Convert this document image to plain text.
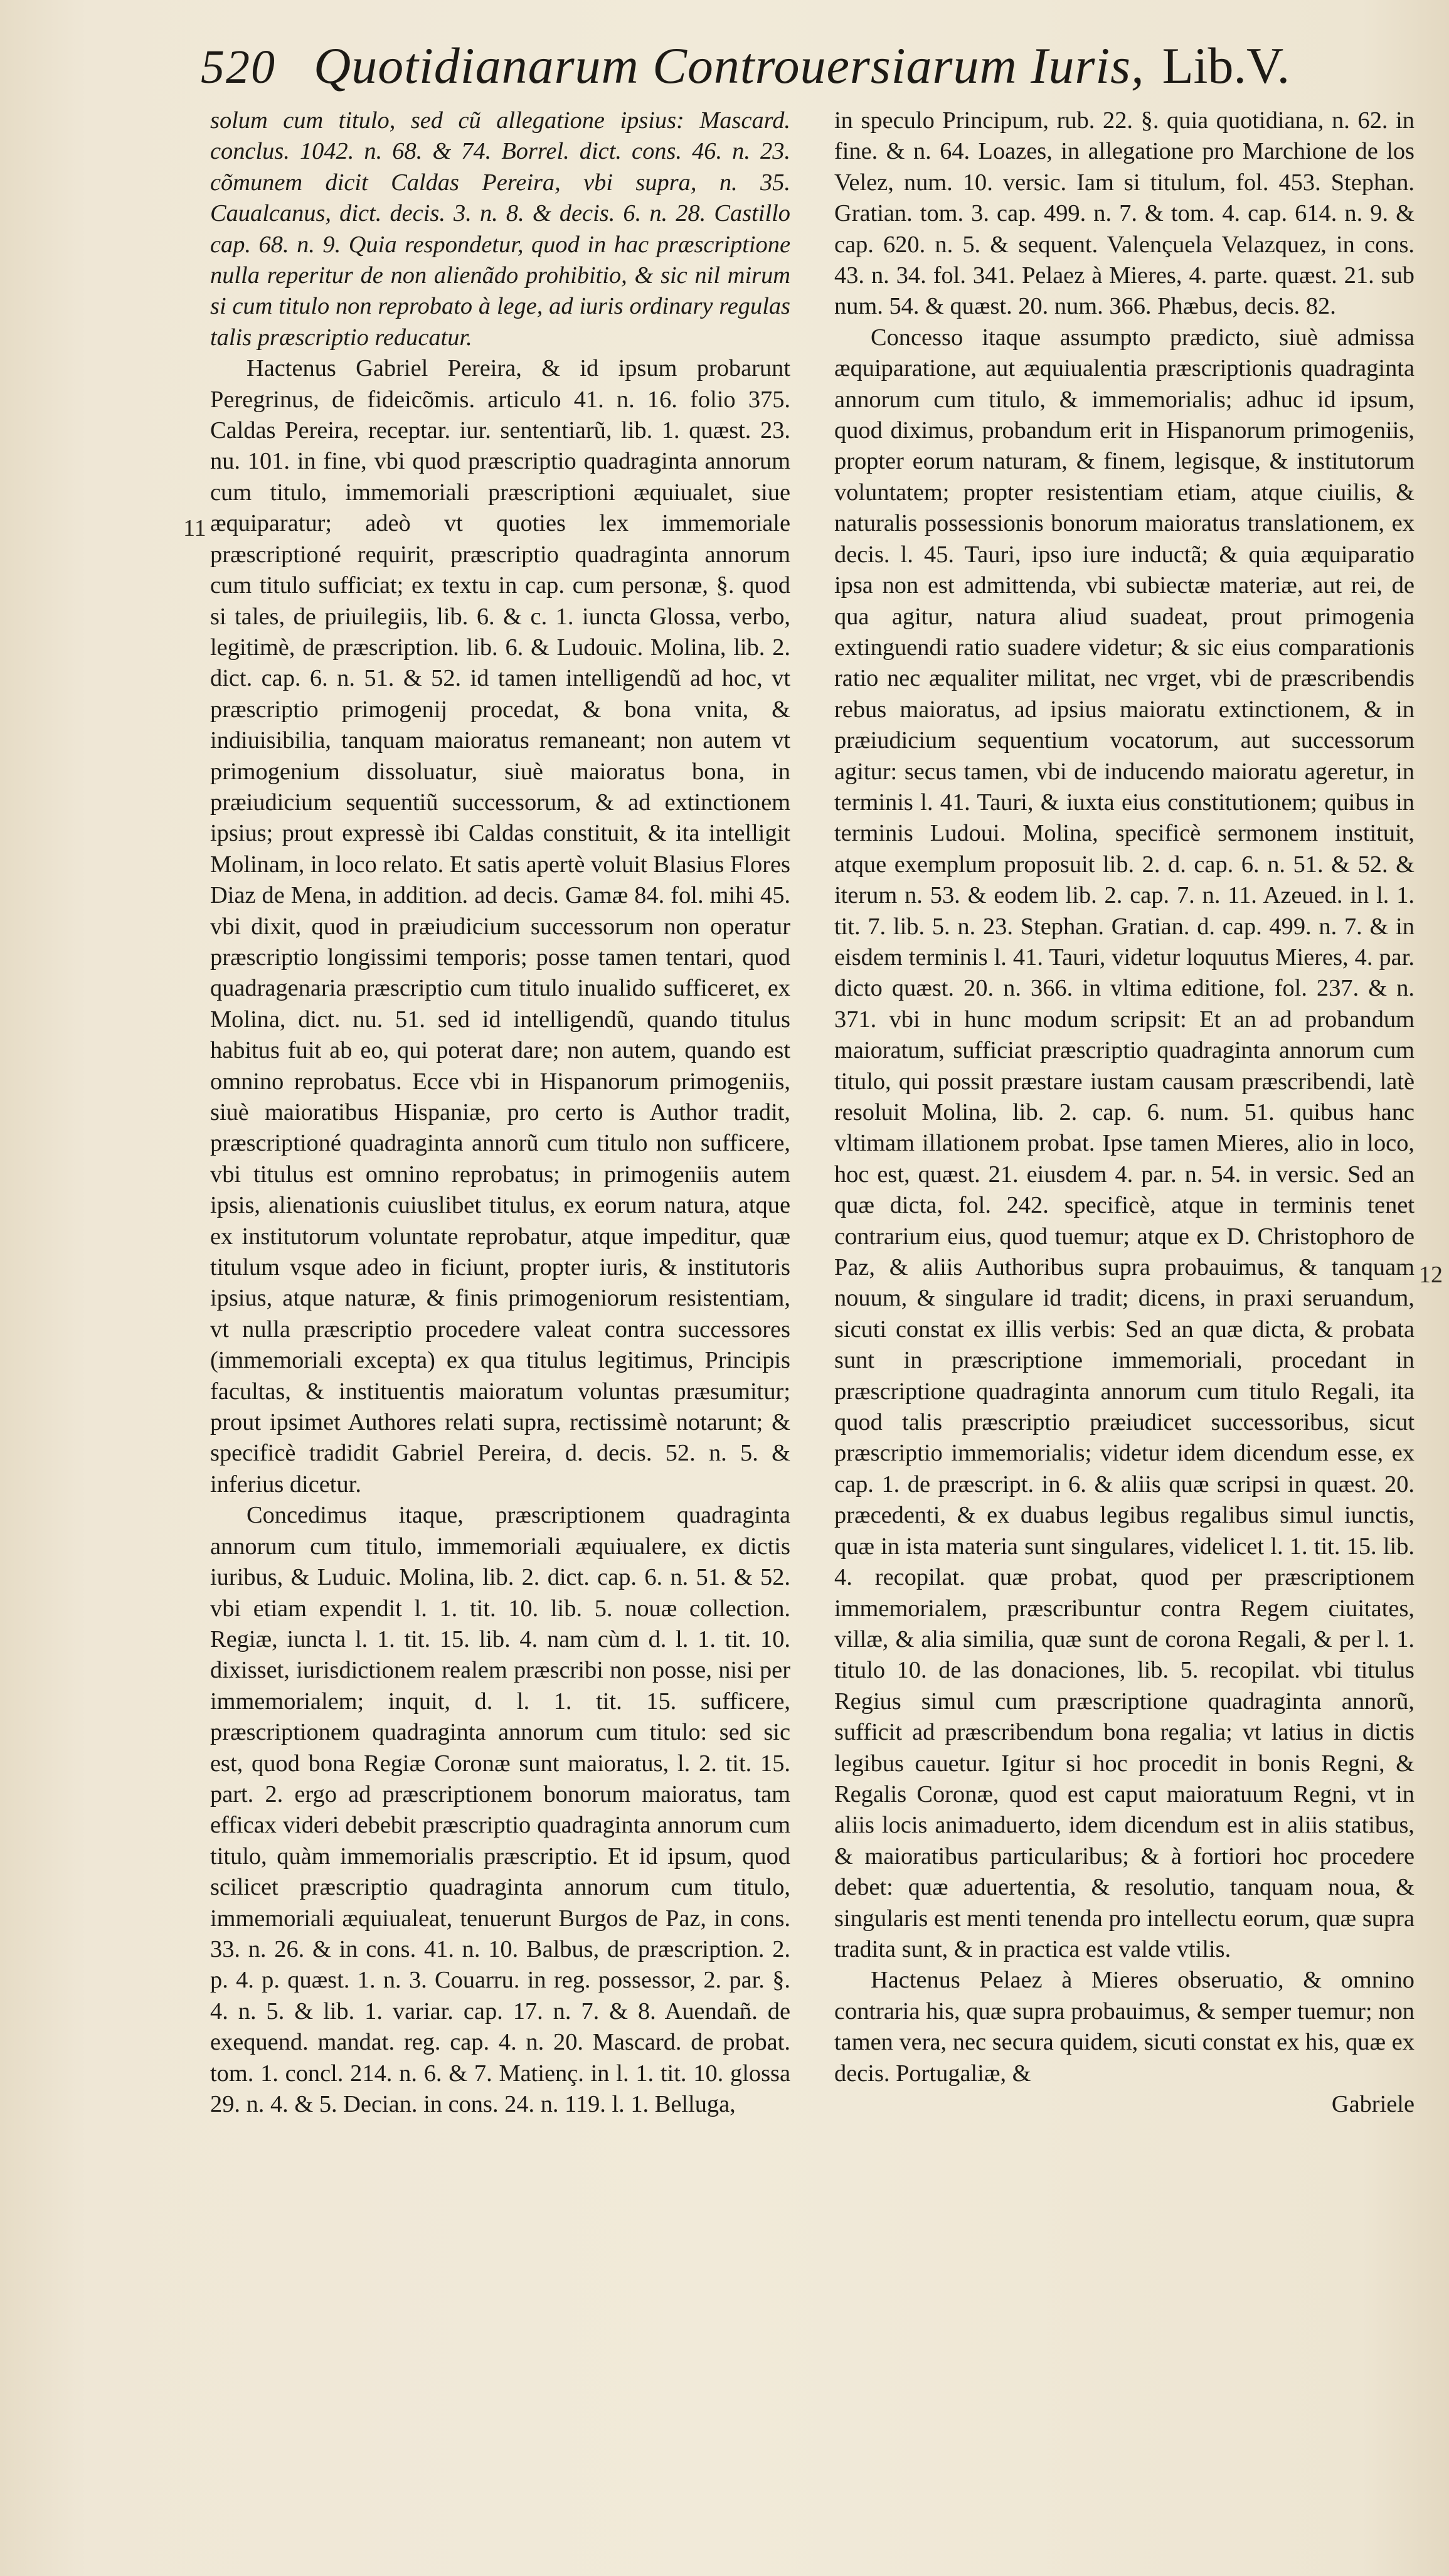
520 Quotidianarum Controuersiarum Iuris, Lib.V.
11
12

solum cum titulo, sed cũ allegatione ipsius: Mascard. conclus. 1042. n. 68. & 74. Borrel. dict. cons. 46. n. 23. cõmunem dicit Caldas Pereira, vbi supra, n. 35. Caualcanus, dict. decis. 3. n. 8. & decis. 6. n. 28. Castillo cap. 68. n. 9. Quia respondetur, quod in hac præscriptione nulla reperitur de non alienãdo prohibitio, & sic nil mirum si cum titulo non reprobato à lege, ad iuris ordinary regulas talis præscriptio reducatur.

Hactenus Gabriel Pereira, & id ipsum probarunt Peregrinus, de fideicõmis. articulo 41. n. 16. folio 375. Caldas Pereira, receptar. iur. sententiarũ, lib. 1. quæst. 23. nu. 101. in fine, vbi quod præscriptio quadraginta annorum cum titulo, immemoriali præscriptioni æquiualet, siue æquiparatur; adeò vt quoties lex immemoriale præscriptioné requirit, præscriptio quadraginta annorum cum titulo sufficiat; ex textu in cap. cum personæ, §. quod si tales, de priuilegiis, lib. 6. & c. 1. iuncta Glossa, verbo, legitimè, de præscription. lib. 6. & Ludouic. Molina, lib. 2. dict. cap. 6. n. 51. & 52. id tamen intelligendũ ad hoc, vt præscriptio primogenij procedat, & bona vnita, & indiuisibilia, tanquam maioratus remaneant; non autem vt primogenium dissoluatur, siuè maioratus bona, in præiudicium sequentiũ successorum, & ad extinctionem ipsius; prout expressè ibi Caldas constituit, & ita intelligit Molinam, in loco relato. Et satis apertè voluit Blasius Flores Diaz de Mena, in addition. ad decis. Gamæ 84. fol. mihi 45. vbi dixit, quod in præiudicium successorum non operatur præscriptio longissimi temporis; posse tamen tentari, quod quadragenaria præscriptio cum titulo inualido sufficeret, ex Molina, dict. nu. 51. sed id intelligendũ, quando titulus habitus fuit ab eo, qui poterat dare; non autem, quando est omnino reprobatus. Ecce vbi in Hispanorum primogeniis, siuè maioratibus Hispaniæ, pro certo is Author tradit, præscriptioné quadraginta annorũ cum titulo non sufficere, vbi titulus est omnino reprobatus; in primogeniis autem ipsis, alienationis cuiuslibet titulus, ex eorum natura, atque ex institutorum voluntate reprobatur, atque impeditur, quæ titulum vsque adeo in ficiunt, propter iuris, & institutoris ipsius, atque naturæ, & finis primogeniorum resistentiam, vt nulla præscriptio procedere valeat contra successores (immemoriali excepta) ex qua titulus legitimus, Principis facultas, & instituentis maioratum voluntas præsumitur; prout ipsimet Authores relati supra, rectissimè notarunt; & specificè tradidit Gabriel Pereira, d. decis. 52. n. 5. & inferius dicetur.

Concedimus itaque, præscriptionem quadraginta annorum cum titulo, immemoriali æquiualere, ex dictis iuribus, & Luduic. Molina, lib. 2. dict. cap. 6. n. 51. & 52. vbi etiam expendit l. 1. tit. 10. lib. 5. nouæ collection. Regiæ, iuncta l. 1. tit. 15. lib. 4. nam cùm d. l. 1. tit. 10. dixisset, iurisdictionem realem præscribi non posse, nisi per immemorialem; inquit, d. l. 1. tit. 15. sufficere, præscriptionem quadraginta annorum cum titulo: sed sic est, quod bona Regiæ Coronæ sunt maioratus, l. 2. tit. 15. part. 2. ergo ad præscriptionem bonorum maioratus, tam efficax videri debebit præscriptio quadraginta annorum cum titulo, quàm immemorialis præscriptio. Et id ipsum, quod scilicet præscriptio quadraginta annorum cum titulo, immemoriali æquiualeat, tenuerunt Burgos de Paz, in cons. 33. n. 26. & in cons. 41. n. 10. Balbus, de præscription. 2. p. 4. p. quæst. 1. n. 3. Couarru. in reg. possessor, 2. par. §. 4. n. 5. & lib. 1. variar. cap. 17. n. 7. & 8. Auendañ. de exequend. mandat. reg. cap. 4. n. 20. Mascard. de probat. tom. 1. concl. 214. n. 6. & 7. Matienç. in l. 1. tit. 10. glossa 29. n. 4. & 5. Decian. in cons. 24. n. 119. l. 1. Belluga,

in speculo Principum, rub. 22. §. quia quotidiana, n. 62. in fine. & n. 64. Loazes, in allegatione pro Marchione de los Velez, num. 10. versic. Iam si titulum, fol. 453. Stephan. Gratian. tom. 3. cap. 499. n. 7. & tom. 4. cap. 614. n. 9. & cap. 620. n. 5. & sequent. Valençuela Velazquez, in cons. 43. n. 34. fol. 341. Pelaez à Mieres, 4. parte. quæst. 21. sub num. 54. & quæst. 20. num. 366. Phæbus, decis. 82.

Concesso itaque assumpto prædicto, siuè admissa æquiparatione, aut æquiualentia præscriptionis quadraginta annorum cum titulo, & immemorialis; adhuc id ipsum, quod diximus, probandum erit in Hispanorum primogeniis, propter eorum naturam, & finem, legisque, & institutorum voluntatem; propter resistentiam etiam, atque ciuilis, & naturalis possessionis bonorum maioratus translationem, ex decis. l. 45. Tauri, ipso iure inductã; & quia æquiparatio ipsa non est admittenda, vbi subiectæ materiæ, aut rei, de qua agitur, natura aliud suadeat, prout primogenia extinguendi ratio suadere videtur; & sic eius comparationis ratio nec æqualiter militat, nec vrget, vbi de præscribendis rebus maioratus, ad ipsius maioratu extinctionem, & in præiudicium sequentium vocatorum, aut successorum agitur: secus tamen, vbi de inducendo maioratu ageretur, in terminis l. 41. Tauri, & iuxta eius constitutionem; quibus in terminis Ludoui. Molina, specificè sermonem instituit, atque exemplum proposuit lib. 2. d. cap. 6. n. 51. & 52. & iterum n. 53. & eodem lib. 2. cap. 7. n. 11. Azeued. in l. 1. tit. 7. lib. 5. n. 23. Stephan. Gratian. d. cap. 499. n. 7. & in eisdem terminis l. 41. Tauri, videtur loquutus Mieres, 4. par. dicto quæst. 20. n. 366. in vltima editione, fol. 237. & n. 371. vbi in hunc modum scripsit: Et an ad probandum maioratum, sufficiat præscriptio quadraginta annorum cum titulo, qui possit præstare iustam causam præscribendi, latè resoluit Molina, lib. 2. cap. 6. num. 51. quibus hanc vltimam illationem probat. Ipse tamen Mieres, alio in loco, hoc est, quæst. 21. eiusdem 4. par. n. 54. in versic. Sed an quæ dicta, fol. 242. specificè, atque in terminis tenet contrarium eius, quod tuemur; atque ex D. Christophoro de Paz, & aliis Authoribus supra probauimus, & tanquam nouum, & singulare id tradit; dicens, in praxi seruandum, sicuti constat ex illis verbis: Sed an quæ dicta, & probata sunt in præscriptione immemoriali, procedant in præscriptione quadraginta annorum cum titulo Regali, ita quod talis præscriptio præiudicet successoribus, sicut præscriptio immemorialis; videtur idem dicendum esse, ex cap. 1. de præscript. in 6. & aliis quæ scripsi in quæst. 20. præcedenti, & ex duabus legibus regalibus simul iunctis, quæ in ista materia sunt singulares, videlicet l. 1. tit. 15. lib. 4. recopilat. quæ probat, quod per præscriptionem immemorialem, præscribuntur contra Regem ciuitates, villæ, & alia similia, quæ sunt de corona Regali, & per l. 1. titulo 10. de las donaciones, lib. 5. recopilat. vbi titulus Regius simul cum præscriptione quadraginta annorũ, sufficit ad præscribendum bona regalia; vt latius in dictis legibus cauetur. Igitur si hoc procedit in bonis Regni, & Regalis Coronæ, quod est caput maioratuum Regni, vt in aliis locis animaduerto, idem dicendum est in aliis statibus, & maioratibus particularibus; & à fortiori hoc procedere debet: quæ aduertentia, & resolutio, tanquam noua, & singularis est menti tenenda pro intellectu eorum, quæ supra tradita sunt, & in practica est valde vtilis.

Hactenus Pelaez à Mieres obseruatio, & omnino contraria his, quæ supra probauimus, & semper tuemur; non tamen vera, nec secura quidem, sicuti constat ex his, quæ ex decis. Portugaliæ, &

Gabriele
